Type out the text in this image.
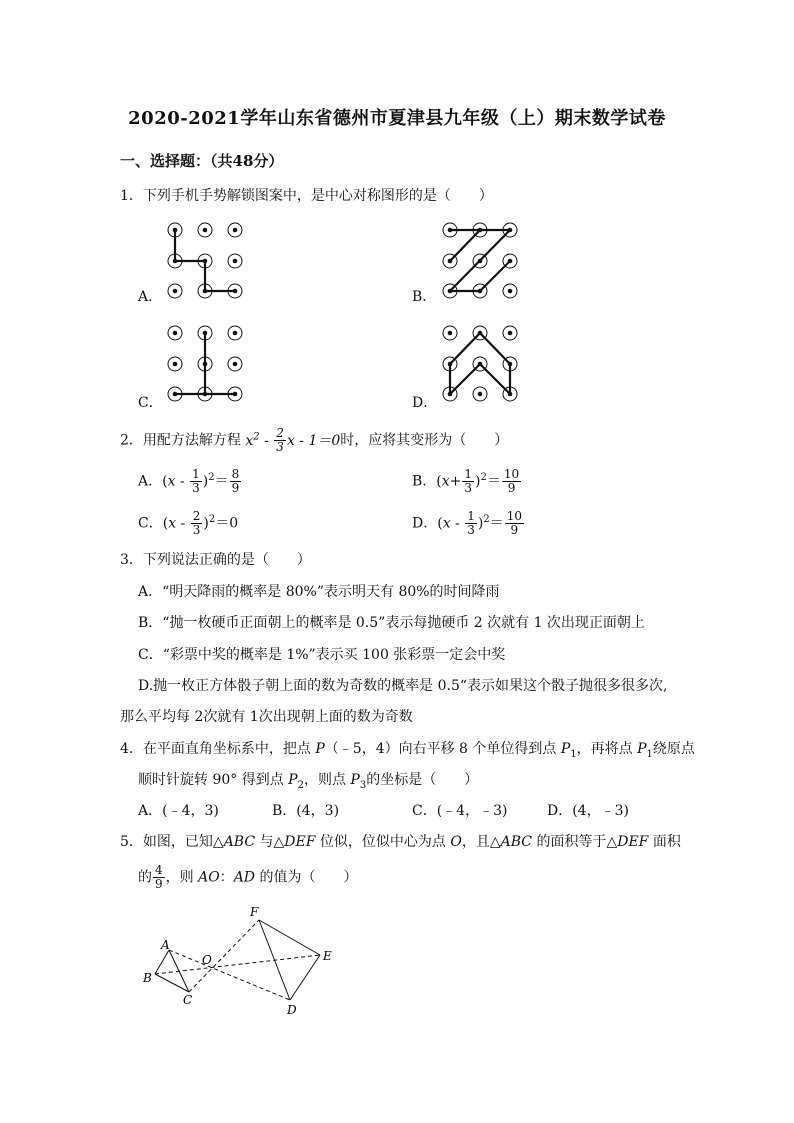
2020-2021学年山东省德州市夏津县九年级（上）期末数学试卷
一、选择题：（共48分）
1．下列手机手势解锁图案中，是中心对称图形的是（　　）
A．	B．
C．	D．
2．用配方法解方程 $x^2 - \frac{2}{3}$ x - 1＝0时，应将其变形为（　　）
A．$(x - \frac{1}{3} )^2= \frac{8}{9}$	B．$(x+ \frac{1}{3} )^2= \frac{10}{9}$
C．$(x - \frac{2}{3} )^2=0$	D．$(x - \frac{1}{3} )^2= \frac{10}{9}$
3．下列说法正确的是（　　）
A．“明天降雨的概率是 80%”表示明天有 80%的时间降雨
B．“抛一枚硬币正面朝上的概率是 0.5”表示每抛硬币 2 次就有 1 次出现正面朝上
C．“彩票中奖的概率是 1%”表示买 100 张彩票一定会中奖
D.抛一枚正方体骰子朝上面的数为奇数的概率是 0.5“表示如果这个骰子抛很多很多次,
那么平均每 2次就有 1次出现朝上面的数为奇数
4．在平面直角坐标系中，把点 P（﹣5，4）向右平移 8 个单位得到点 $P_1$，再将点 $P_1$绕原点
顺时针旋转 90° 得到点 $P_2$，则点 $P_3$的坐标是（　　）
A．(﹣4，3)	B．(4，3)	C．(﹣4，﹣3)	D．(4，﹣3)
5．如图，已知△ABC 与△DEF 位似，位似中心为点 O，且△ABC 的面积等于△DEF 面积
的 $\frac{4}{9}$ ，则 AO：AD 的值为（　　）
A
B
C
O
F
E
D
